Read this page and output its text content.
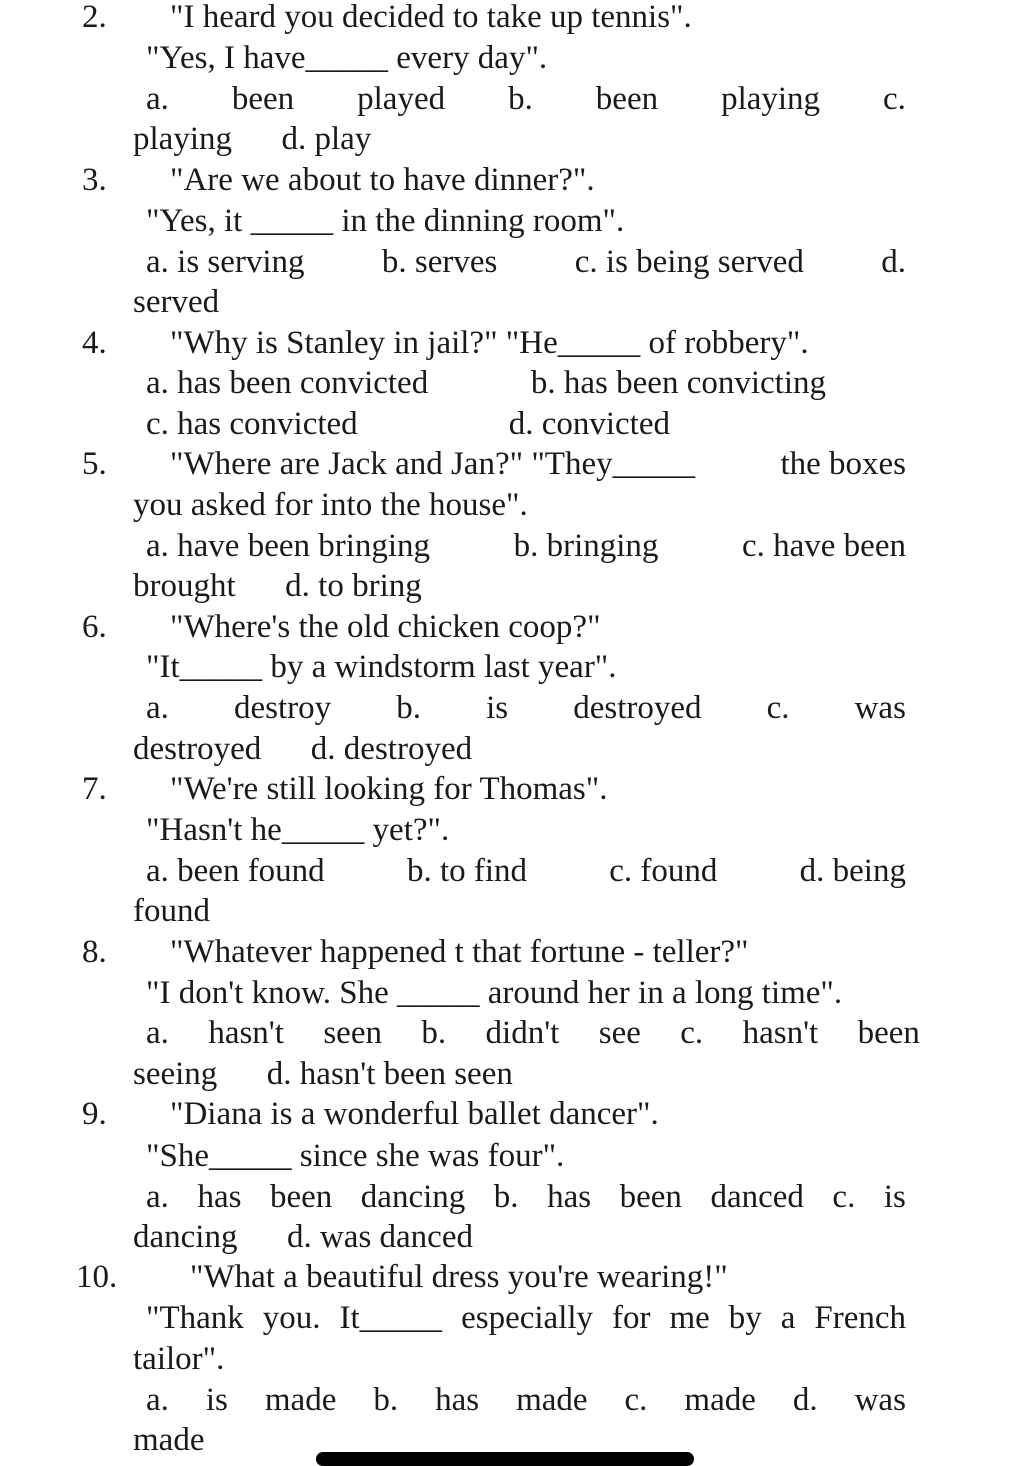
2. "I heard you decided to take up tennis".
"Yes, I have_____ every day".
a. been played b. been playing c.
playing      d. play
3. "Are we about to have dinner?".
"Yes, it _____ in the dinning room".
a. is serving b. serves c. is being served d.
served
4. "Why is Stanley in jail?" "He_____ of robbery".
a. has been convicted	b. has been convicting
c. has convicted	d. convicted
5. "Where are Jack and Jan?" "They_____	the boxes
you asked for into the house".
a. have been bringing	b. bringing	c. have been
brought      d. to bring
6. "Where's the old chicken coop?"
"It_____ by a windstorm last year".
a. destroy b. is destroyed c. was
destroyed      d. destroyed
7. "We're still looking for Thomas".
"Hasn't he_____ yet?".
a. been found b. to find c. found d. being
found
8. "Whatever happened t that fortune - teller?"
"I don't know. She _____ around her in a long time".
a. hasn't seen b. didn't see c. hasn't been
seeing      d. hasn't been seen
9. "Diana is a wonderful ballet dancer".
"She_____ since she was four".
a. has been dancing b. has been danced c. is
dancing      d. was danced
10. "What a beautiful dress you're wearing!"
"Thank you. It_____ especially for me by a French
tailor".
a. is made b. has made c. made d. was
made
